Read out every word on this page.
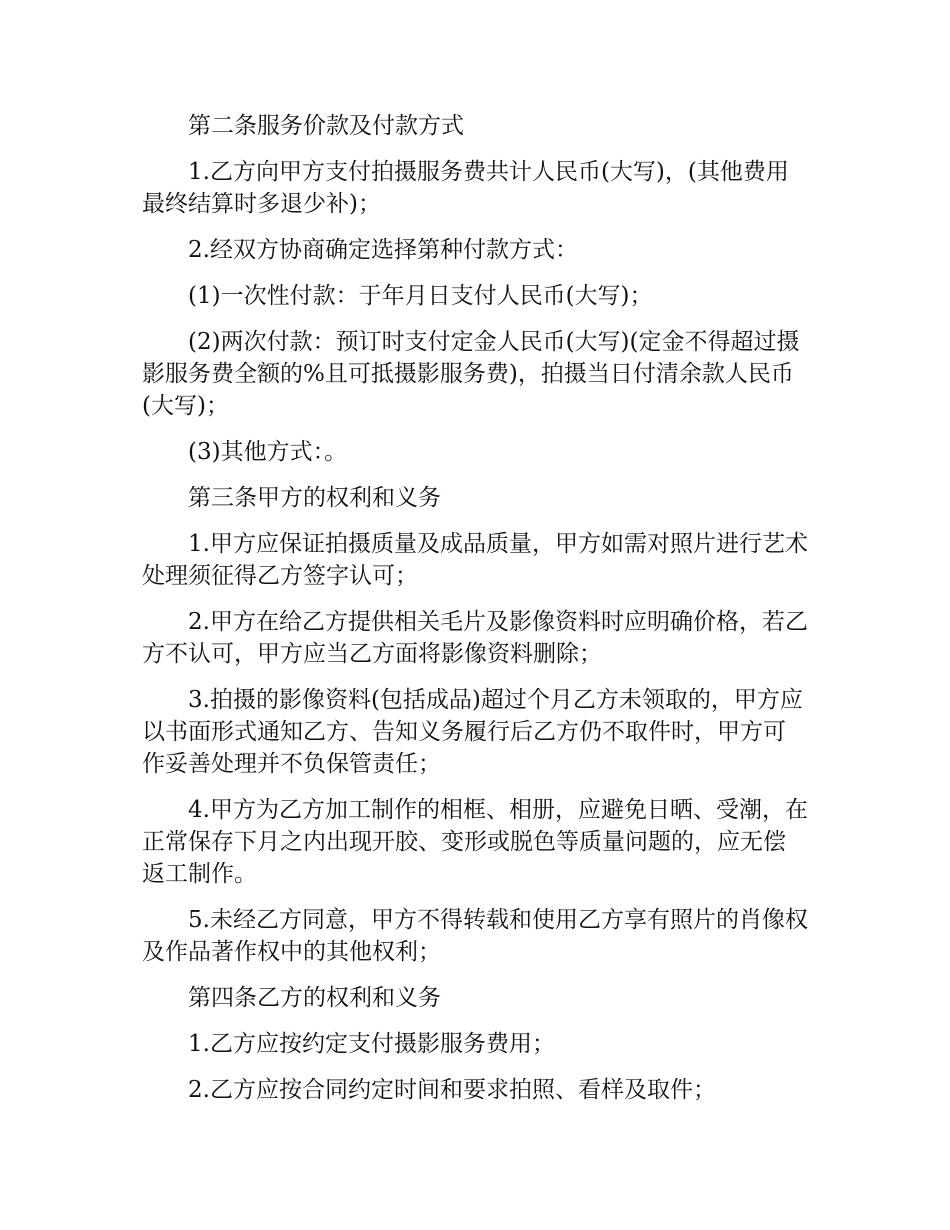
第二条服务价款及付款方式

1.乙方向甲方支付拍摄服务费共计人民币(大写)，(其他费用最终结算时多退少补)；

2.经双方协商确定选择第种付款方式：

(1)一次性付款：于年月日支付人民币(大写)；

(2)两次付款：预订时支付定金人民币(大写)(定金不得超过摄影服务费全额的%且可抵摄影服务费)，拍摄当日付清余款人民币(大写)；

(3)其他方式：。

第三条甲方的权利和义务

1.甲方应保证拍摄质量及成品质量，甲方如需对照片进行艺术处理须征得乙方签字认可；

2.甲方在给乙方提供相关毛片及影像资料时应明确价格，若乙方不认可，甲方应当乙方面将影像资料删除；

3.拍摄的影像资料(包括成品)超过个月乙方未领取的，甲方应以书面形式通知乙方、告知义务履行后乙方仍不取件时，甲方可作妥善处理并不负保管责任；

4.甲方为乙方加工制作的相框、相册，应避免日晒、受潮，在正常保存下月之内出现开胶、变形或脱色等质量问题的，应无偿返工制作。

5.未经乙方同意，甲方不得转载和使用乙方享有照片的肖像权及作品著作权中的其他权利；

第四条乙方的权利和义务

1.乙方应按约定支付摄影服务费用；

2.乙方应按合同约定时间和要求拍照、看样及取件；
